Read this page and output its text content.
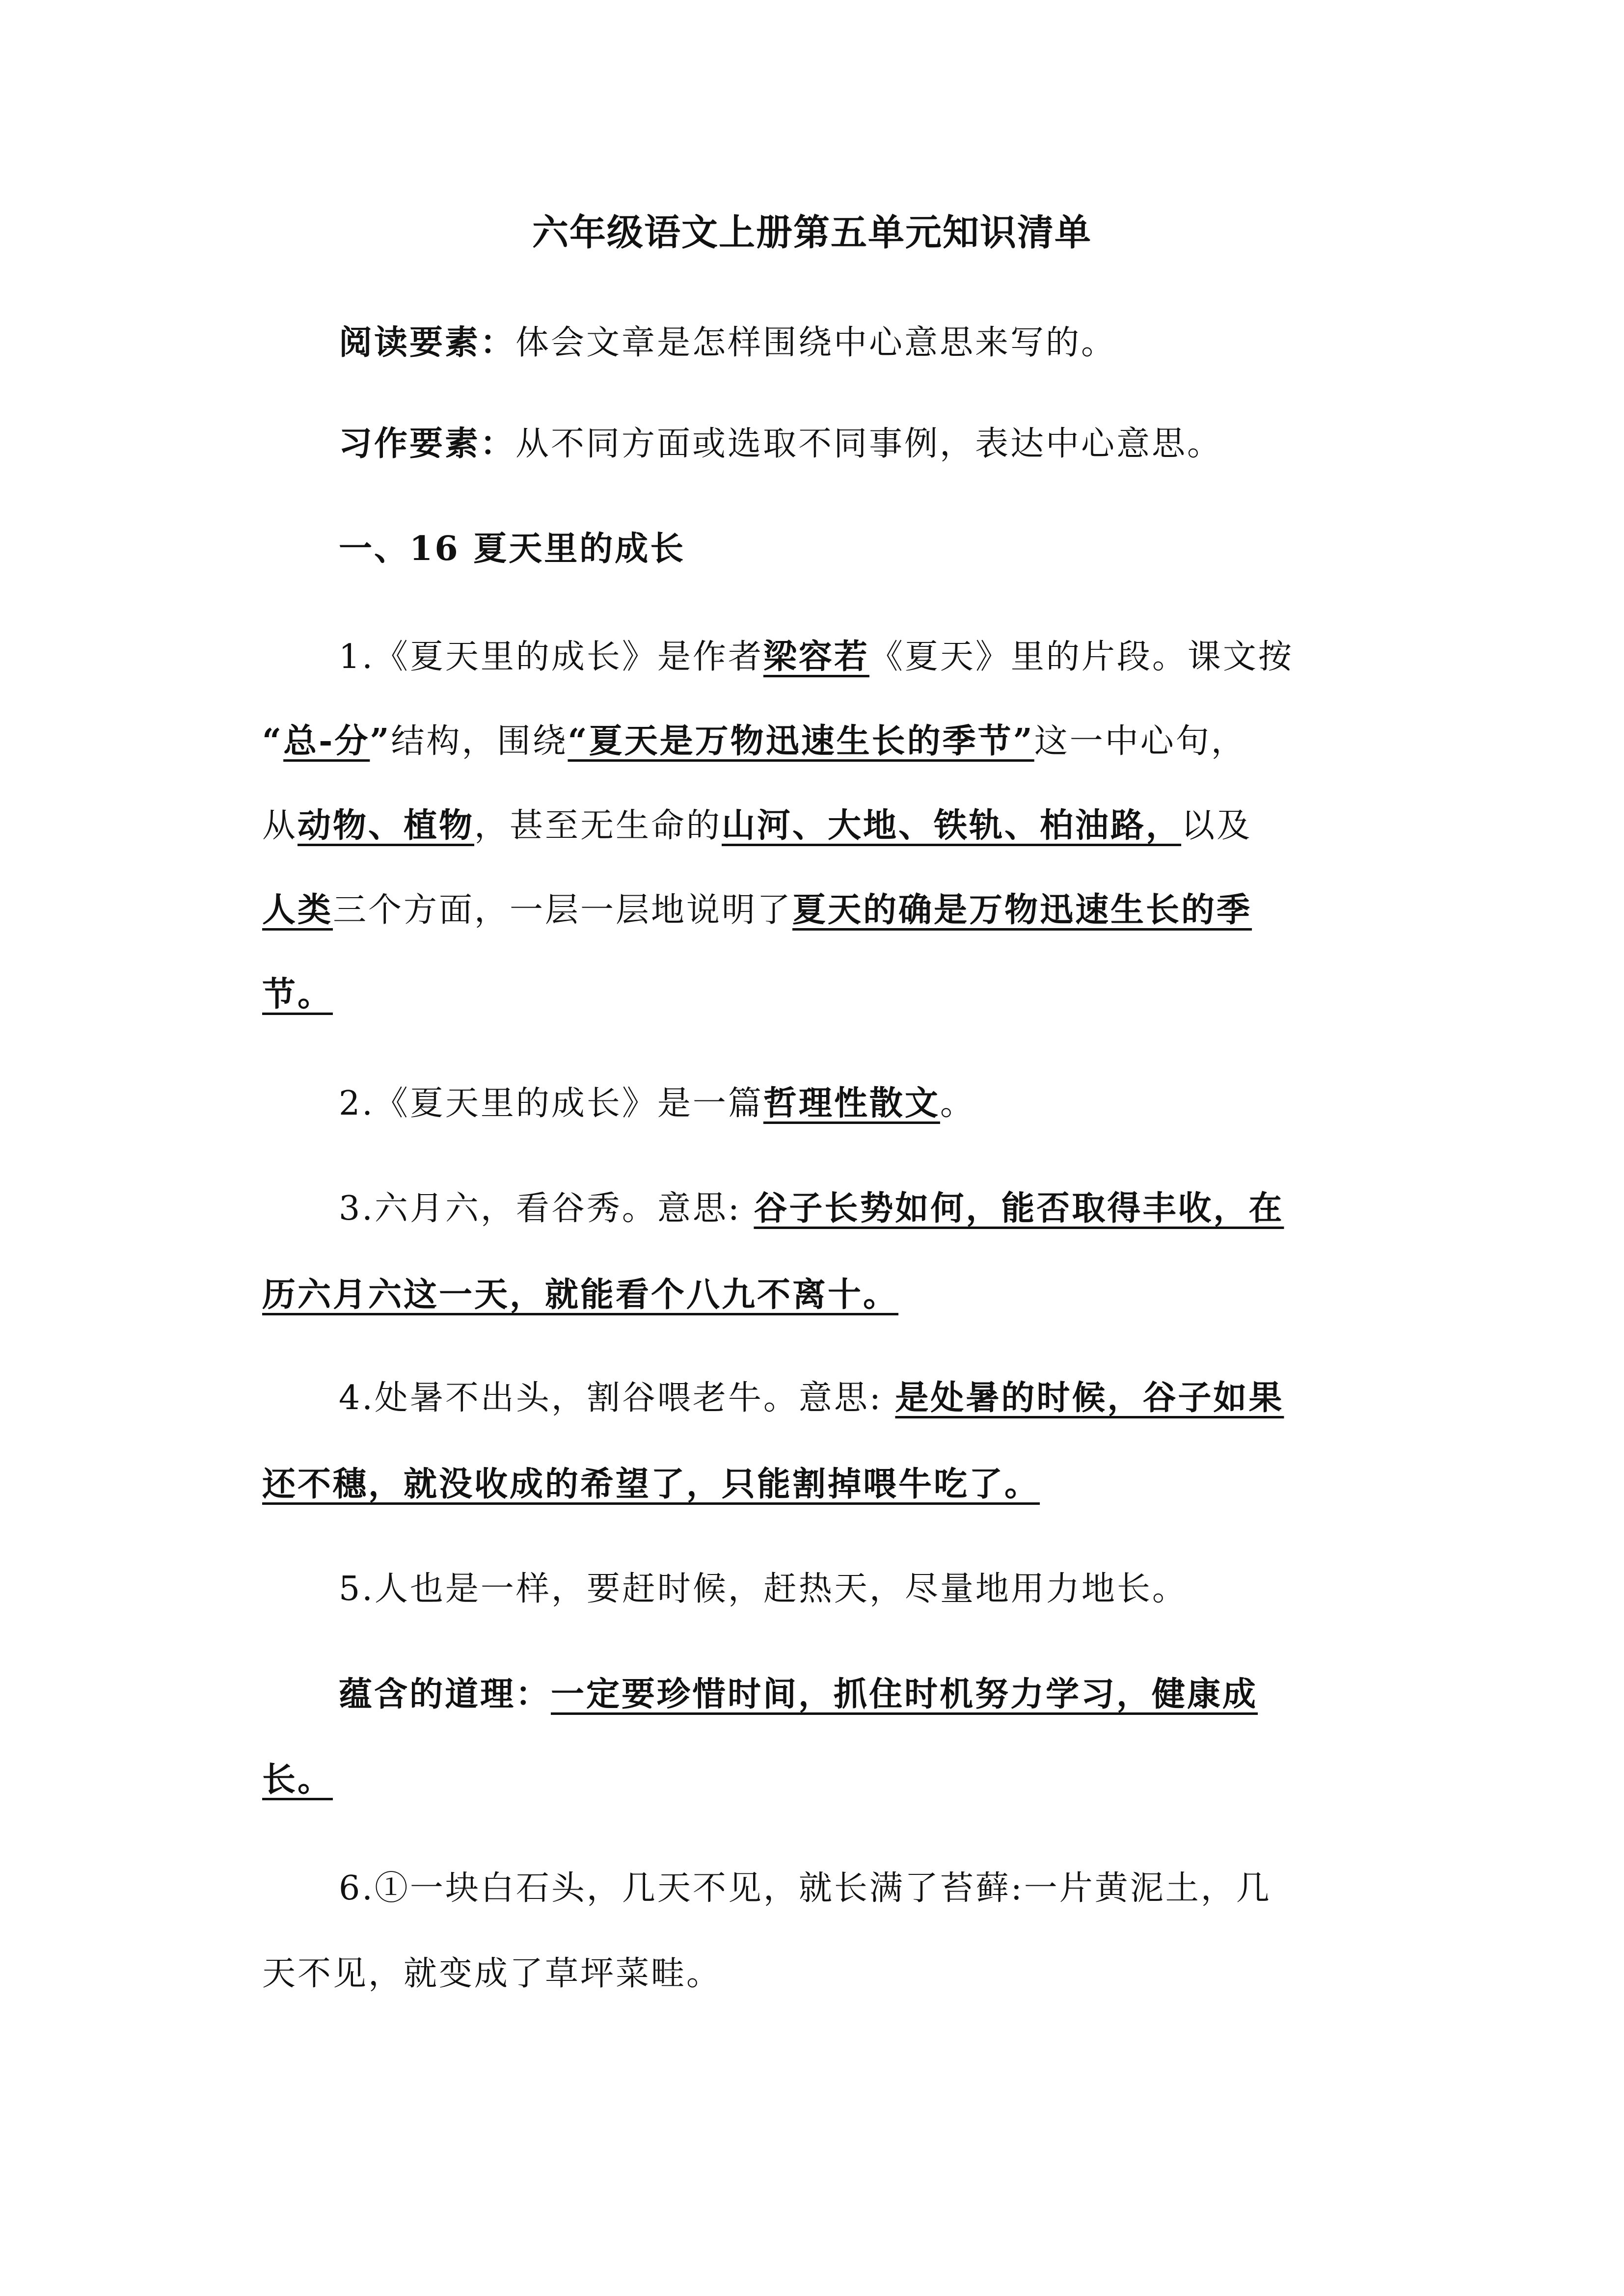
六年级语文上册第五单元知识清单
阅读要素：体会文章是怎样围绕中心意思来写的。
习作要素：从不同方面或选取不同事例，表达中心意思。
一、16 夏天里的成长
1.《夏天里的成长》是作者梁容若《夏天》里的片段。课文按
“总-分”结构，围绕“夏天是万物迅速生长的季节”这一中心句，
从动物、植物，甚至无生命的山河、大地、铁轨、柏油路，以及
人类三个方面，一层一层地说明了夏天的确是万物迅速生长的季
节。
2.《夏天里的成长》是一篇哲理性散文。
3.六月六，看谷秀。意思: 谷子长势如何，能否取得丰收，在
历六月六这一天，就能看个八九不离十。
4.处暑不出头，割谷喂老牛。意思: 是处暑的时候，谷子如果
还不穗，就没收成的希望了，只能割掉喂牛吃了。
5.人也是一样，要赶时候，赶热天，尽量地用力地长。
蕴含的道理：一定要珍惜时间，抓住时机努力学习，健康成
长。
6.①一块白石头，几天不见，就长满了苔藓:一片黄泥土，几
天不见，就变成了草坪菜畦。
